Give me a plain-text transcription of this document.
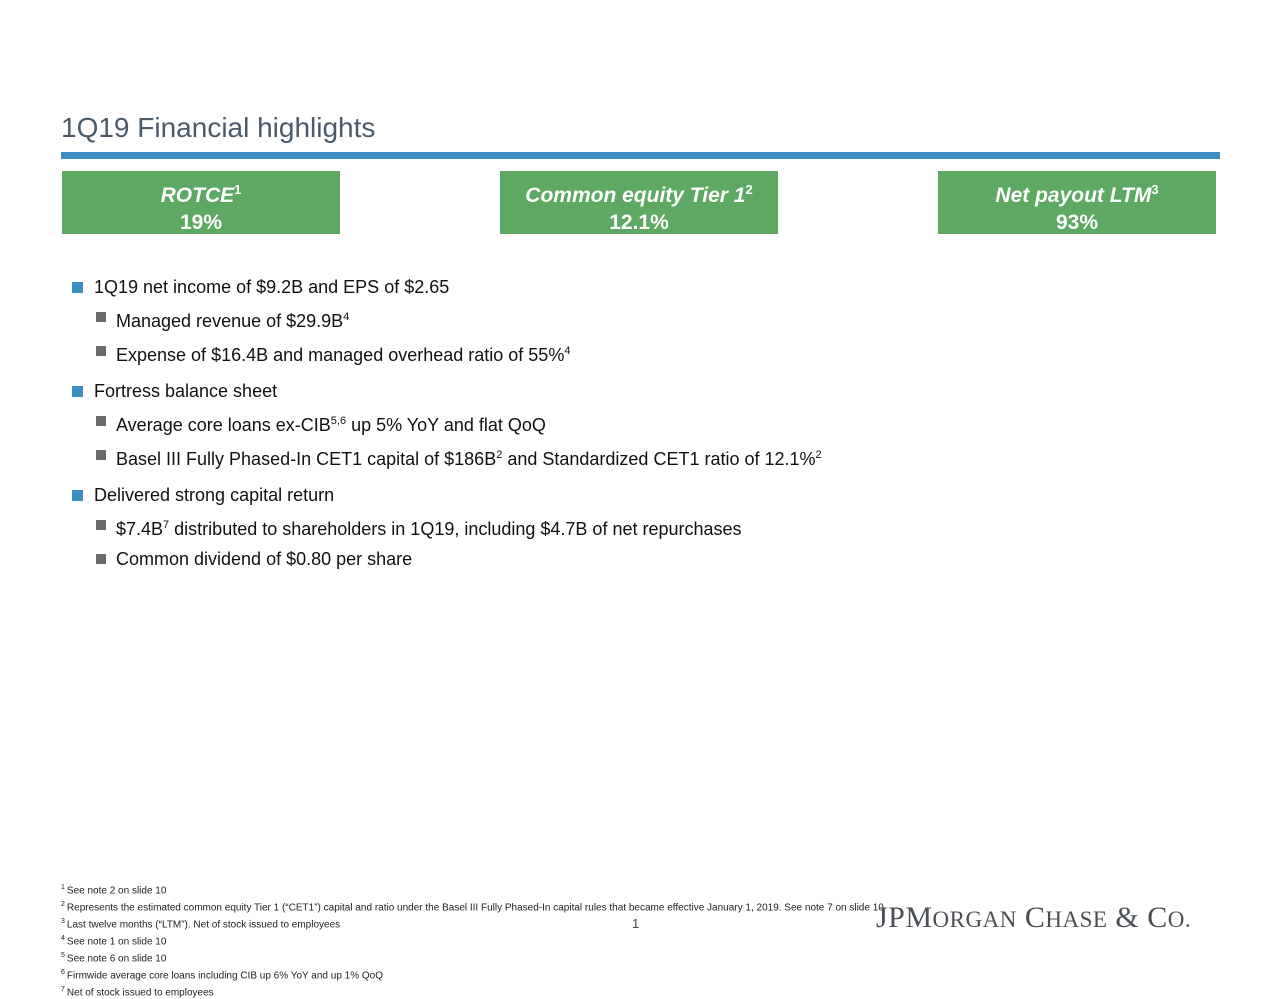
1Q19 Financial highlights
ROTCE$^1$
19%
Common equity Tier $1^2$
12.1%
Net payout LTM$^3$
93%
1Q19 net income of $9.2B and EPS of $2.65
Managed revenue of $\$29.9B^4$
Expense of $16.4B and managed overhead ratio of 55%$^4$
Fortress balance sheet
Average core loans ex-CIB$^{5,6}$ up 5% YoY and flat QoQ
Basel III Fully Phased-In CET1 capital of $\$186B^2$ and Standardized CET1 ratio of 12.1%$^2$
Delivered strong capital return
$\$7.4B^7$ distributed to shareholders in 1Q19, including $4.7B of net repurchases
Common dividend of $0.80 per share
$^1$ See note 2 on slide 10
$^2$ Represents the estimated common equity Tier 1 (“CET1”) capital and ratio under the Basel III Fully Phased-In capital rules that became effective January 1, 2019. See note 7 on slide 10
$^3$ Last twelve months (“LTM”). Net of stock issued to employees
$^4$ See note 1 on slide 10
$^5$ See note 6 on slide 10
$^6$ Firmwide average core loans including CIB up 6% YoY and up 1% QoQ
$^7$ Net of stock issued to employees
1	JPMORGAN CHASE & CO.
